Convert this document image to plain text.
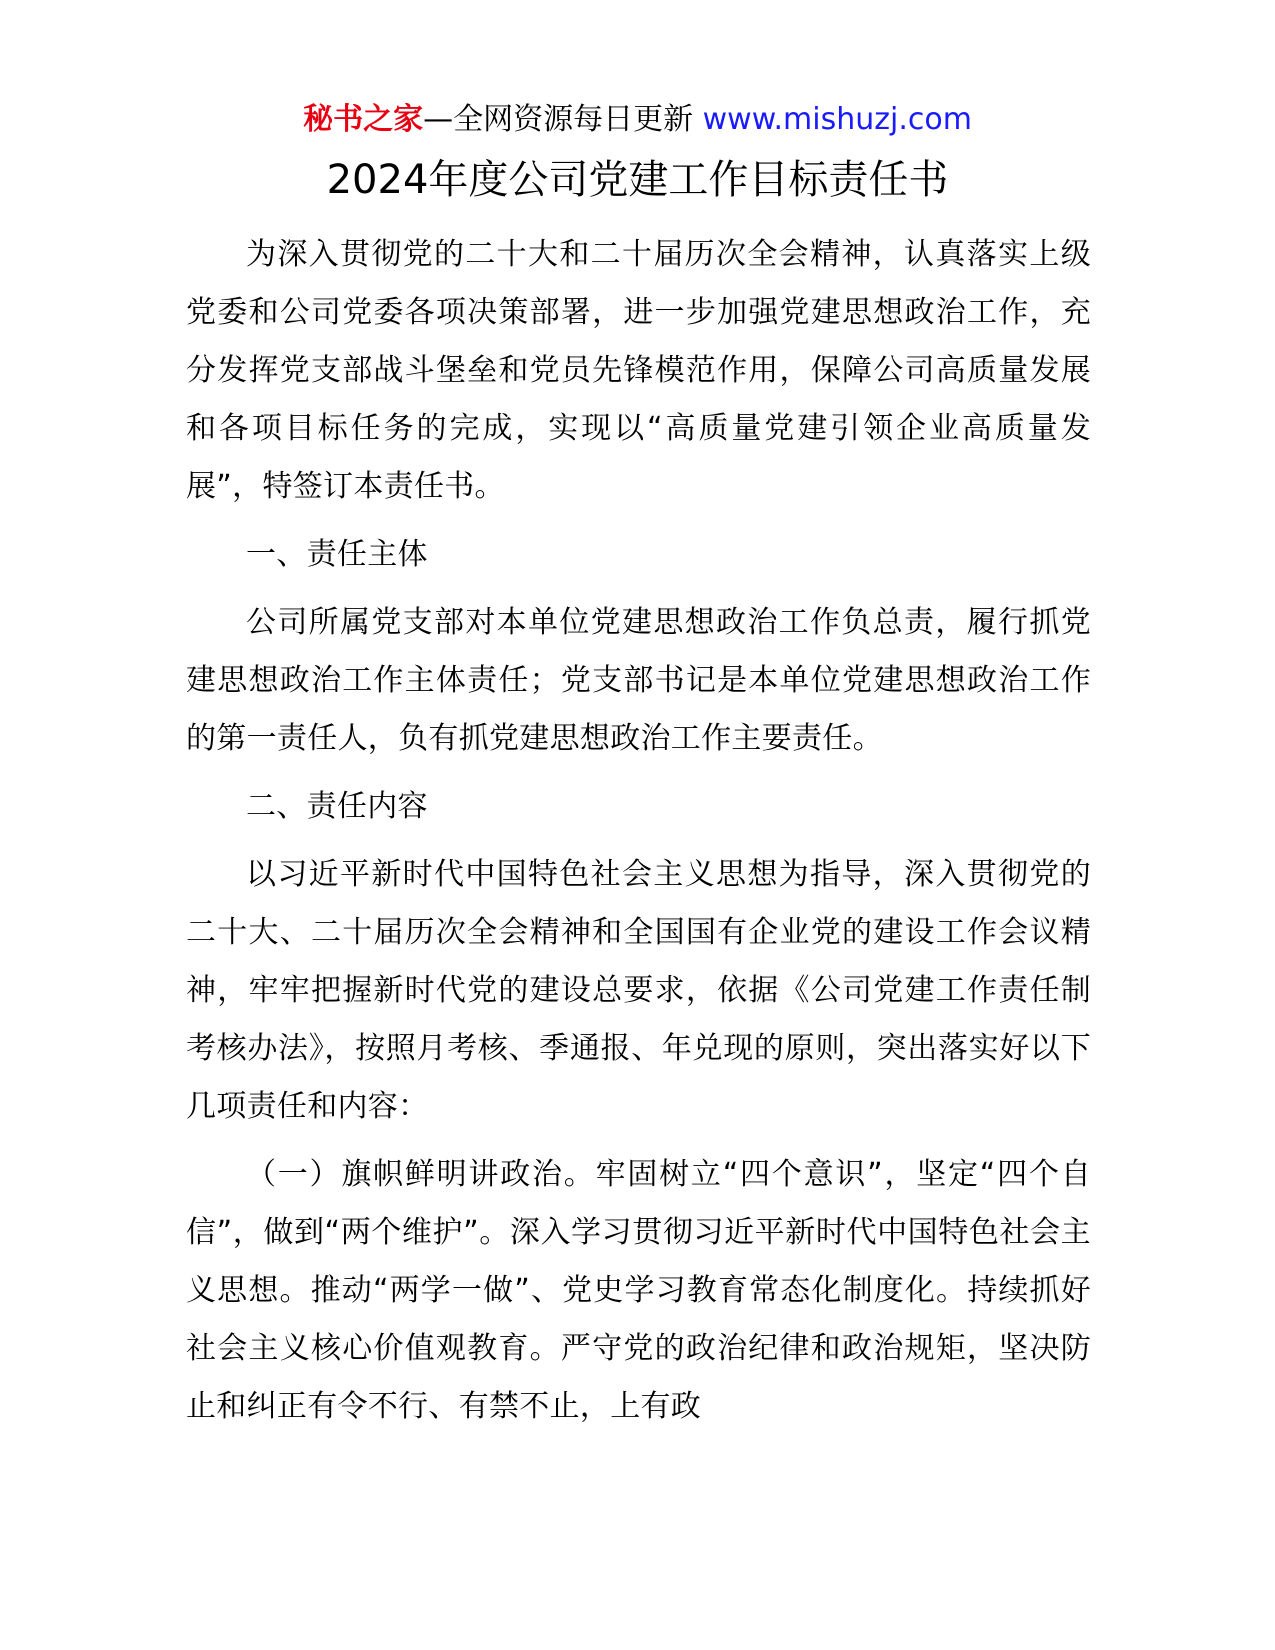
秘书之家—全网资源每日更新 www.mishuzj.com
2024年度公司党建工作目标责任书

为深入贯彻党的二十大和二十届历次全会精神，认真落实上级党委和公司党委各项决策部署，进一步加强党建思想政治工作，充分发挥党支部战斗堡垒和党员先锋模范作用，保障公司高质量发展和各项目标任务的完成，实现以“高质量党建引领企业高质量发展”，特签订本责任书。

一、责任主体

公司所属党支部对本单位党建思想政治工作负总责，履行抓党建思想政治工作主体责任；党支部书记是本单位党建思想政治工作的第一责任人，负有抓党建思想政治工作主要责任。

二、责任内容

以习近平新时代中国特色社会主义思想为指导，深入贯彻党的二十大、二十届历次全会精神和全国国有企业党的建设工作会议精神，牢牢把握新时代党的建设总要求，依据《公司党建工作责任制考核办法》，按照月考核、季通报、年兑现的原则，突出落实好以下几项责任和内容：

（一）旗帜鲜明讲政治。牢固树立“四个意识”，坚定“四个自信”，做到“两个维护”。深入学习贯彻习近平新时代中国特色社会主义思想。推动“两学一做”、党史学习教育常态化制度化。持续抓好社会主义核心价值观教育。严守党的政治纪律和政治规矩，坚决防止和纠正有令不行、有禁不止，上有政
